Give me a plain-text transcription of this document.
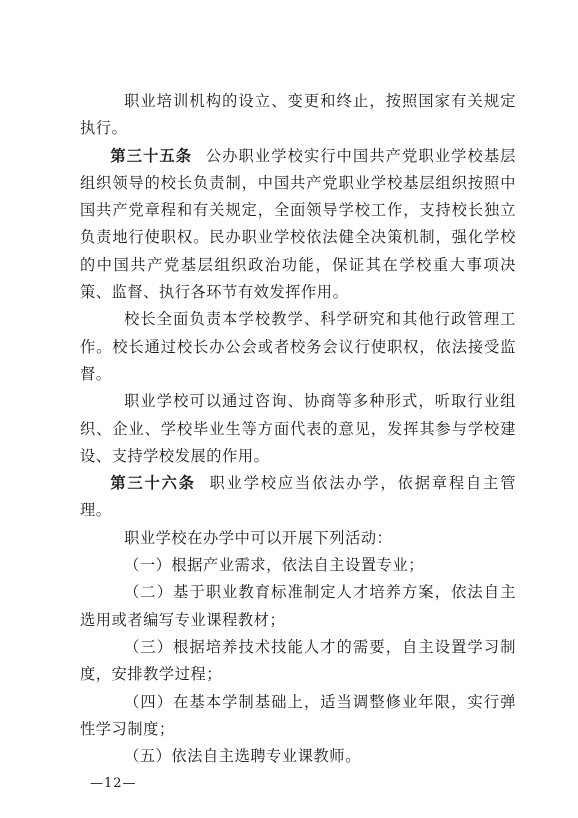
职业培训机构的设立、变更和终止，按照国家有关规定执行。

第三十五条 公办职业学校实行中国共产党职业学校基层组织领导的校长负责制，中国共产党职业学校基层组织按照中国共产党章程和有关规定，全面领导学校工作，支持校长独立负责地行使职权。民办职业学校依法健全决策机制，强化学校的中国共产党基层组织政治功能，保证其在学校重大事项决策、监督、执行各环节有效发挥作用。

校长全面负责本学校教学、科学研究和其他行政管理工作。校长通过校长办公会或者校务会议行使职权，依法接受监督。

职业学校可以通过咨询、协商等多种形式，听取行业组织、企业、学校毕业生等方面代表的意见，发挥其参与学校建设、支持学校发展的作用。

第三十六条 职业学校应当依法办学，依据章程自主管理。

职业学校在办学中可以开展下列活动：

（一）根据产业需求，依法自主设置专业；

（二）基于职业教育标准制定人才培养方案，依法自主选用或者编写专业课程教材；

（三）根据培养技术技能人才的需要，自主设置学习制度，安排教学过程；

（四）在基本学制基础上，适当调整修业年限，实行弹性学习制度；

（五）依法自主选聘专业课教师。

—12—
